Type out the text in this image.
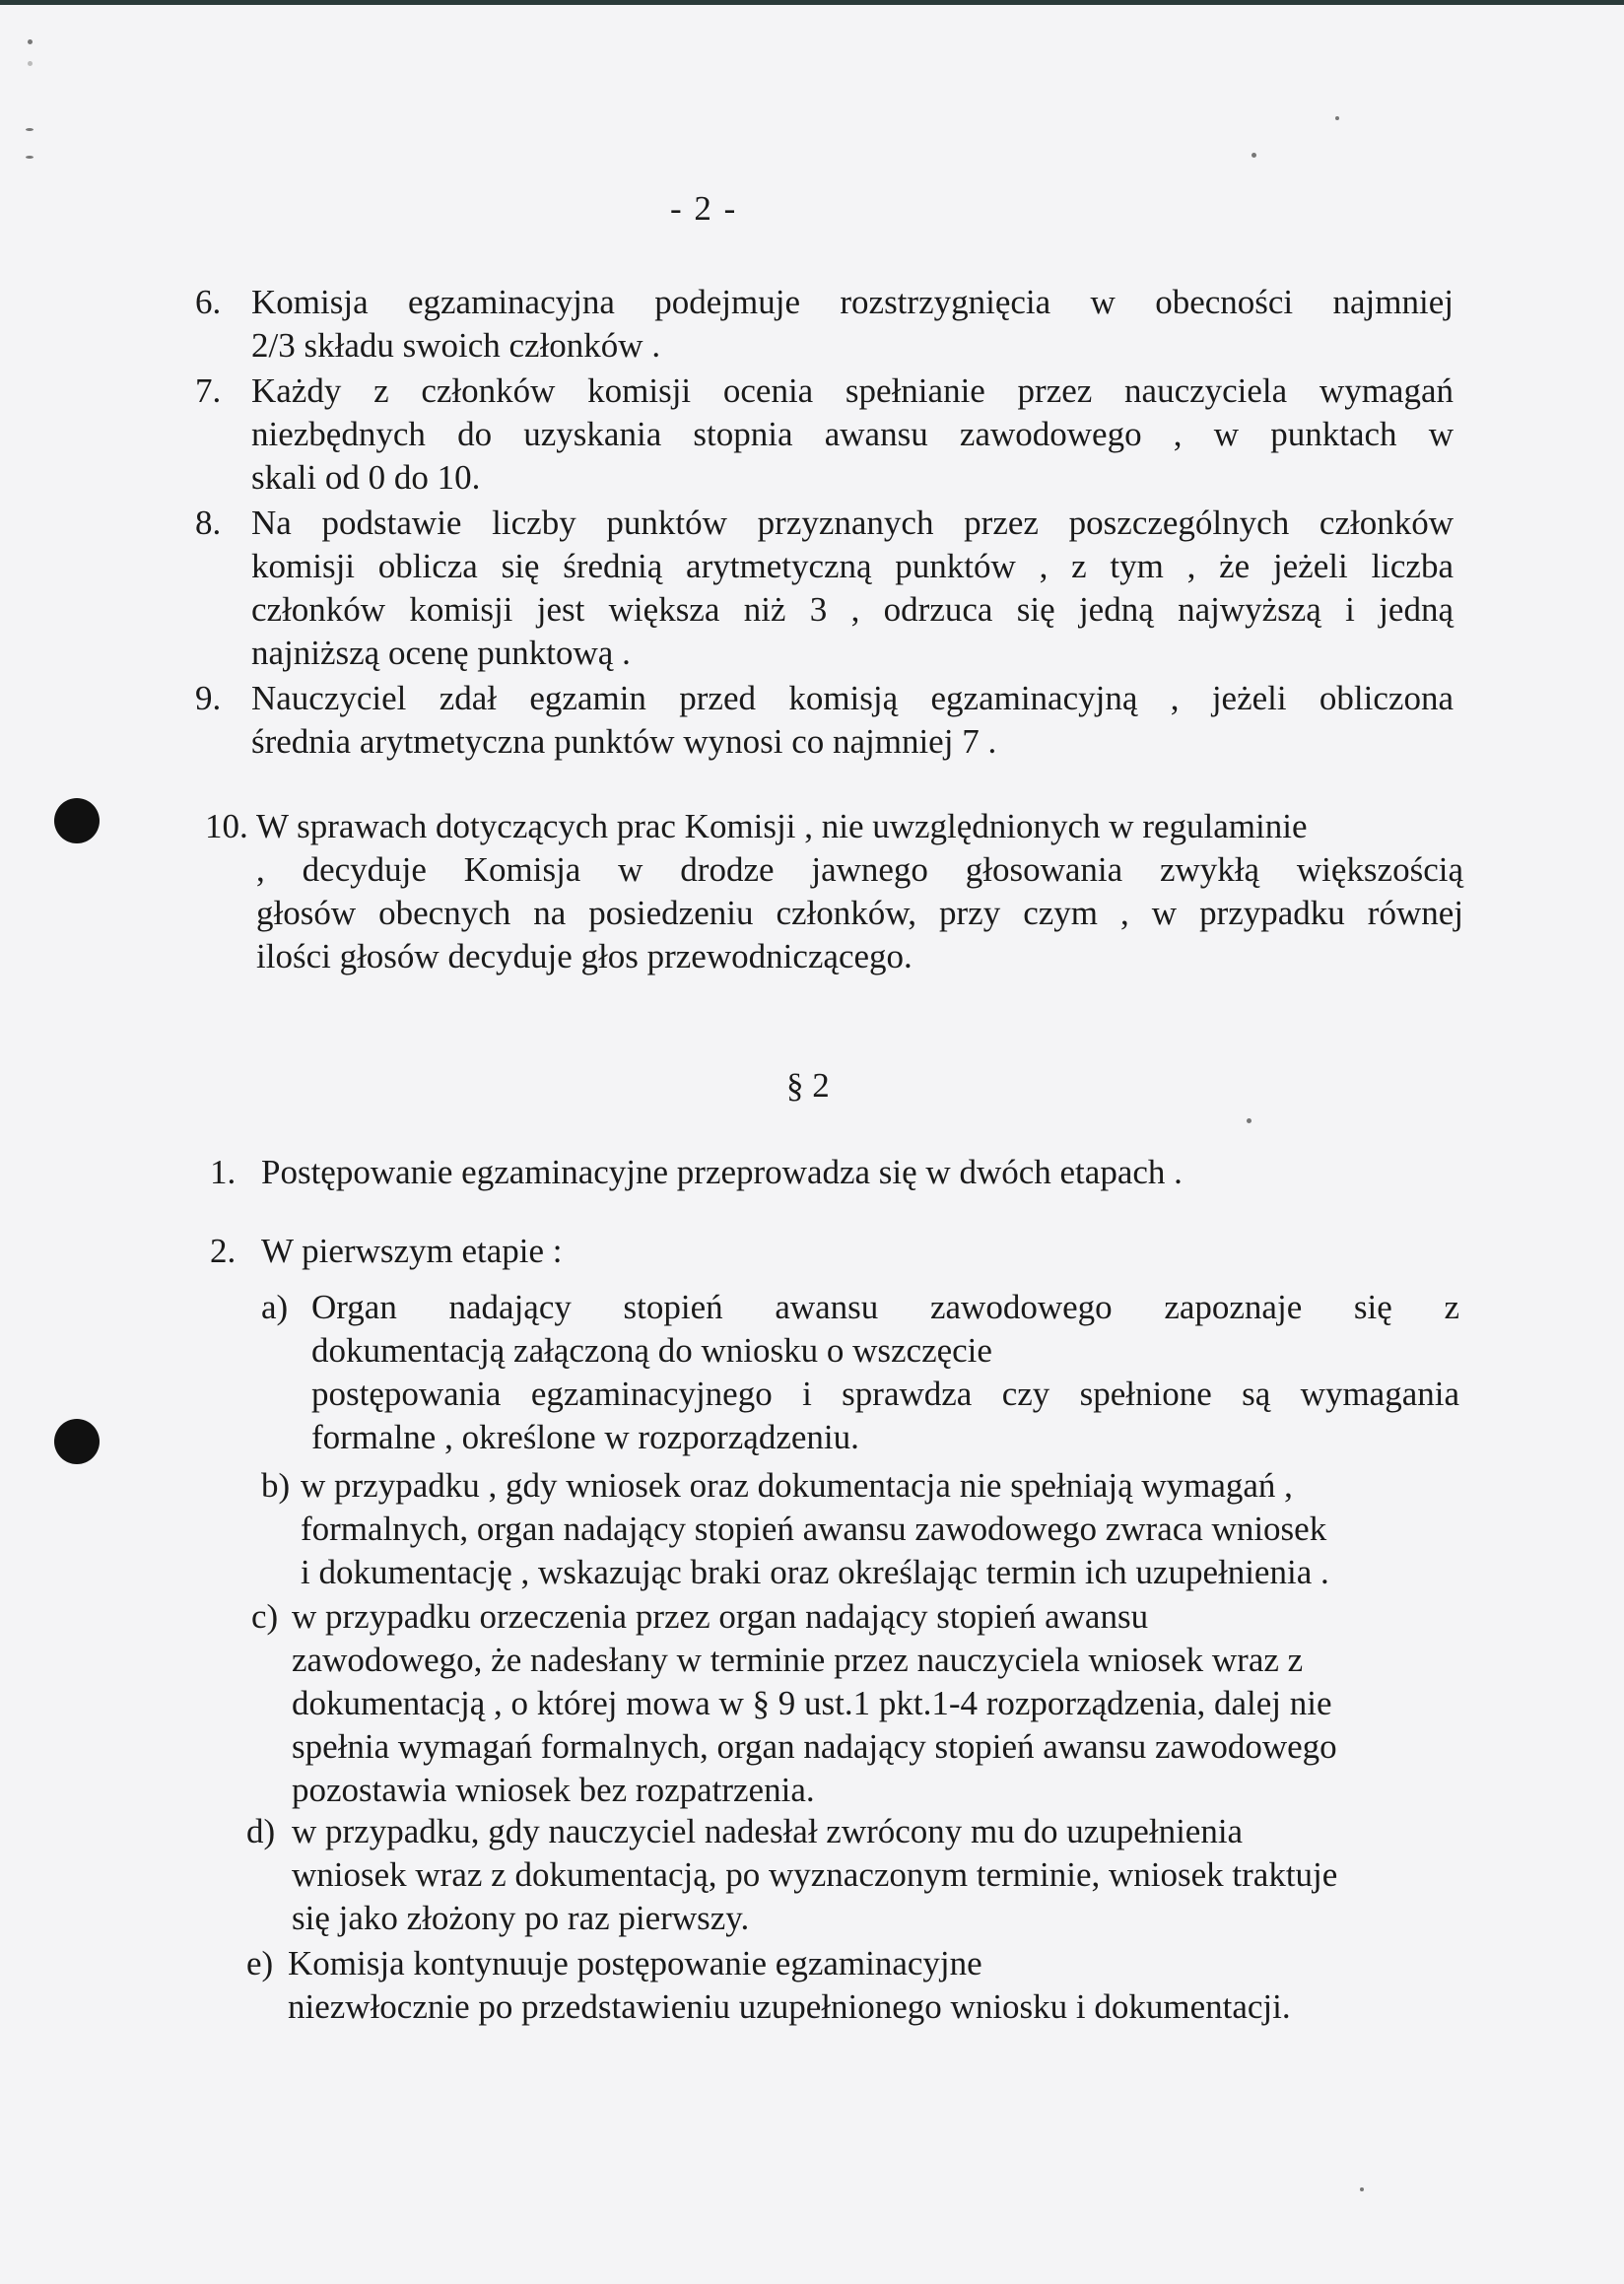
- 2 -
6. Komisja egzaminacyjna podejmuje rozstrzygnięcia w obecności najmniej
2/3 składu swoich członków .
7. Każdy z członków komisji ocenia spełnianie przez nauczyciela wymagań
niezbędnych do uzyskania stopnia awansu zawodowego , w punktach w
skali od 0 do 10.
8. Na podstawie liczby punktów przyznanych przez poszczególnych członków
komisji oblicza się średnią arytmetyczną punktów , z tym , że jeżeli liczba
członków komisji jest większa niż 3 , odrzuca się jedną najwyższą i jedną
najniższą ocenę punktową .
9. Nauczyciel zdał egzamin przed komisją egzaminacyjną , jeżeli obliczona
średnia arytmetyczna punktów wynosi co najmniej 7 .
10. W sprawach dotyczących prac Komisji , nie uwzględnionych w regulaminie
, decyduje Komisja w drodze jawnego głosowania zwykłą większością
głosów obecnych na posiedzeniu członków, przy czym , w przypadku równej
ilości głosów decyduje głos przewodniczącego.
§ 2
1. Postępowanie egzaminacyjne przeprowadza się w dwóch etapach .
2. W pierwszym etapie :
a) Organ nadający stopień awansu zawodowego zapoznaje się z
dokumentacją załączoną do wniosku o wszczęcie
postępowania egzaminacyjnego i sprawdza czy spełnione są wymagania
formalne , określone w rozporządzeniu.
b) w przypadku , gdy wniosek oraz dokumentacja nie spełniają wymagań ,
formalnych, organ nadający stopień awansu zawodowego zwraca wniosek
i dokumentację , wskazując braki oraz określając termin ich uzupełnienia .
c) w przypadku orzeczenia przez organ nadający stopień awansu
zawodowego, że nadesłany w terminie przez nauczyciela wniosek wraz z
dokumentacją , o której mowa w § 9 ust.1 pkt.1-4 rozporządzenia, dalej nie
spełnia wymagań formalnych, organ nadający stopień awansu zawodowego
pozostawia wniosek bez rozpatrzenia.
d) w przypadku, gdy nauczyciel nadesłał zwrócony mu do uzupełnienia
wniosek wraz z dokumentacją, po wyznaczonym terminie, wniosek traktuje
się jako złożony po raz pierwszy.
e) Komisja kontynuuje postępowanie egzaminacyjne
niezwłocznie po przedstawieniu uzupełnionego wniosku i dokumentacji.
